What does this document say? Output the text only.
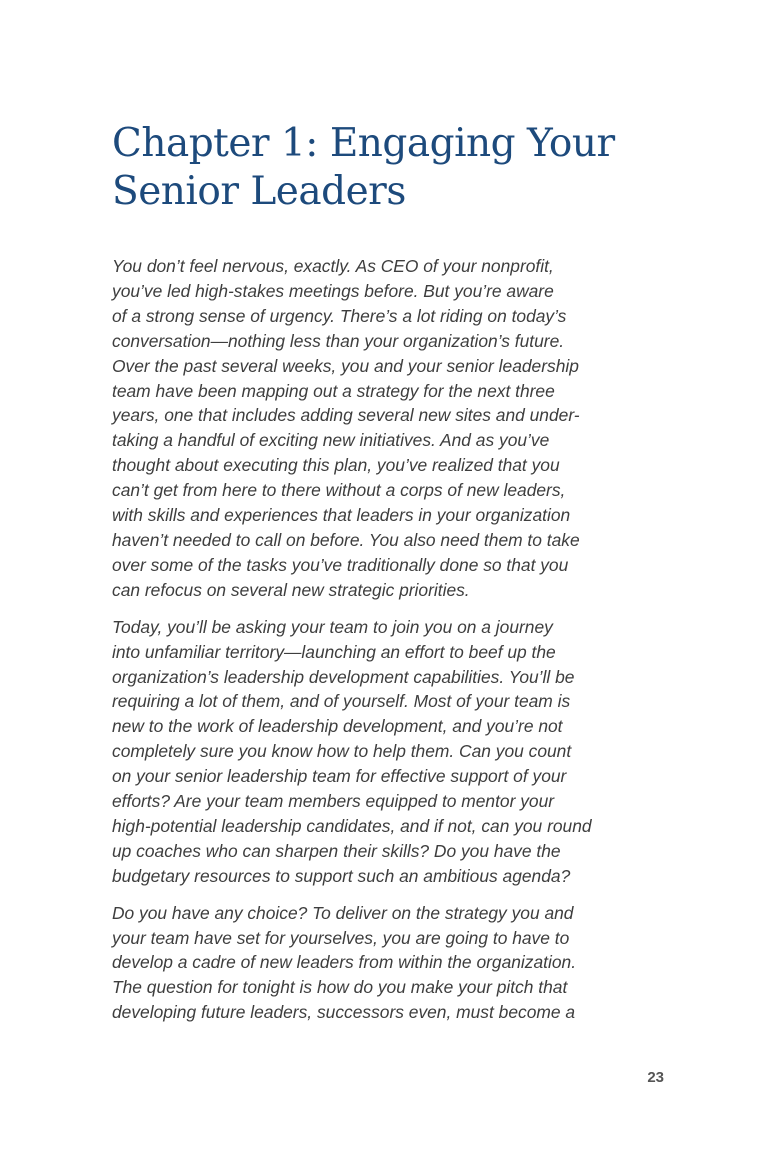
Chapter 1: Engaging Your
Senior Leaders

You don’t feel nervous, exactly. As CEO of your nonprofit,
you’ve led high-stakes meetings before. But you’re aware
of a strong sense of urgency. There’s a lot riding on today’s
conversation—nothing less than your organization’s future.
Over the past several weeks, you and your senior leadership
team have been mapping out a strategy for the next three
years, one that includes adding several new sites and under-
taking a handful of exciting new initiatives. And as you’ve
thought about executing this plan, you’ve realized that you
can’t get from here to there without a corps of new leaders,
with skills and experiences that leaders in your organization
haven’t needed to call on before. You also need them to take
over some of the tasks you’ve traditionally done so that you
can refocus on several new strategic priorities.

Today, you’ll be asking your team to join you on a journey
into unfamiliar territory—launching an effort to beef up the
organization’s leadership development capabilities. You’ll be
requiring a lot of them, and of yourself. Most of your team is
new to the work of leadership development, and you’re not
completely sure you know how to help them. Can you count
on your senior leadership team for effective support of your
efforts? Are your team members equipped to mentor your
high-potential leadership candidates, and if not, can you round
up coaches who can sharpen their skills? Do you have the
budgetary resources to support such an ambitious agenda?

Do you have any choice? To deliver on the strategy you and
your team have set for yourselves, you are going to have to
develop a cadre of new leaders from within the organization.
The question for tonight is how do you make your pitch that
developing future leaders, successors even, must become a

23
